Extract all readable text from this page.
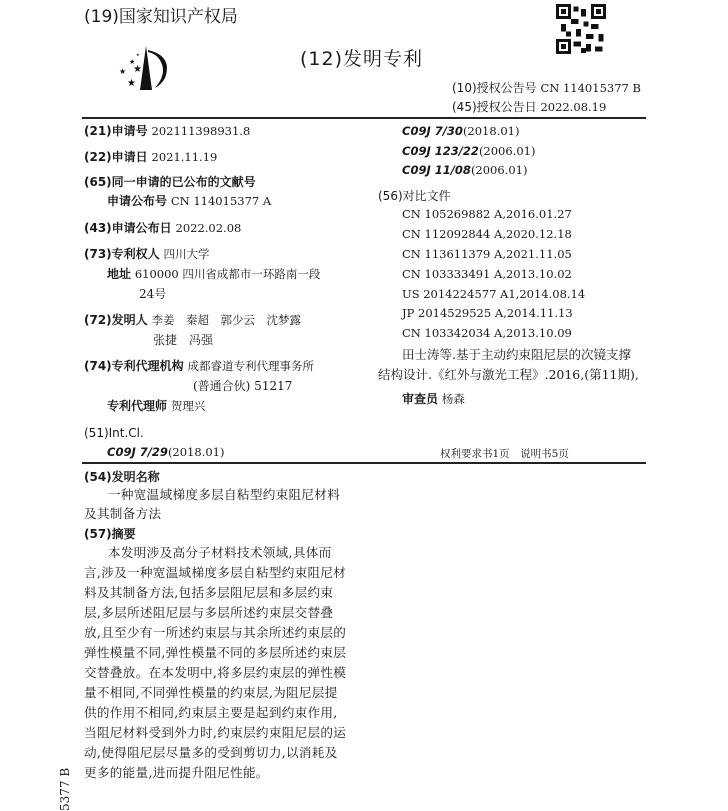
(19)国家知识产权局
★
★
★
★
★	(12)发明专利
(10)授权公告号 CN 114015377 B
(45)授权公告日 2022.08.19
(21)申请号 202111398931.8
(22)申请日 2021.11.19
(65)同一申请的已公布的文献号
申请公布号 CN 114015377 A
(43)申请公布日 2022.02.08
(73)专利权人 四川大学
地址 610000 四川省成都市一环路南一段
24号
(72)发明人 李姜　秦超　郭少云　沈梦露
张捷　冯强
(74)专利代理机构 成都睿道专利代理事务所
(普通合伙) 51217
专利代理师 贺理兴
(51)Int.Cl.
C09J 7/29(2018.01)
C09J 7/30(2018.01)
C09J 123/22(2006.01)
C09J 11/08(2006.01)
(56)对比文件
CN 105269882 A,2016.01.27
CN 112092844 A,2020.12.18
CN 113611379 A,2021.11.05
CN 103333491 A,2013.10.02
US 2014224577 A1,2014.08.14
JP 2014529525 A,2014.11.13
CN 103342034 A,2013.10.09
田士涛等.基于主动约束阻尼层的次镜支撑
结构设计.《红外与激光工程》.2016,(第11期),
审查员 杨森
权利要求书1页　说明书5页
(54)发明名称
一种宽温域梯度多层自粘型约束阻尼材料
及其制备方法
(57)摘要
本发明涉及高分子材料技术领域,具体而
言,涉及一种宽温域梯度多层自粘型约束阻尼材
料及其制备方法,包括多层阻尼层和多层约束
层,多层所述阻尼层与多层所述约束层交替叠
放,且至少有一所述约束层与其余所述约束层的
弹性模量不同,弹性模量不同的多层所述约束层
交替叠放。在本发明中,将多层约束层的弹性模
量不相同,不同弹性模量的约束层,为阻尼层提
供的作用不相同,约束层主要是起到约束作用,
当阻尼材料受到外力时,约束层约束阻尼层的运
动,使得阻尼层尽量多的受到剪切力,以消耗及
更多的能量,进而提升阻尼性能。
5377 B
